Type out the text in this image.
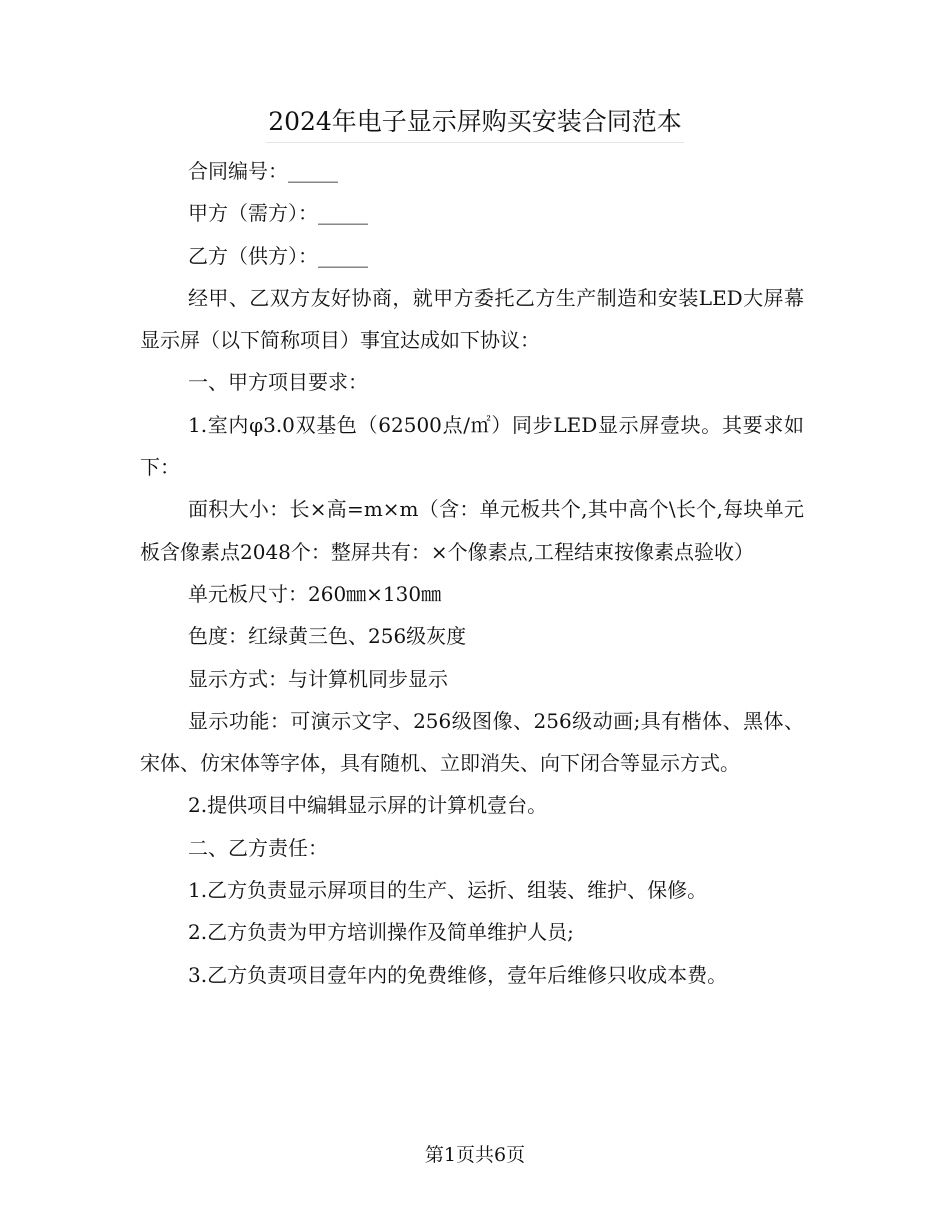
2024年电子显示屏购买安装合同范本

合同编号：_____

甲方（需方）：_____

乙方（供方）：_____

经甲、乙双方友好协商，就甲方委托乙方生产制造和安装LED大屏幕显示屏（以下简称项目）事宜达成如下协议：

一、甲方项目要求：

1.室内φ3.0双基色（62500点/㎡）同步LED显示屏壹块。其要求如下：

面积大小：长×高=m×m（含：单元板共个,其中高个\长个,每块单元板含像素点2048个：整屏共有：×个像素点,工程结束按像素点验收）

单元板尺寸：260㎜×130㎜

色度：红绿黄三色、256级灰度

显示方式：与计算机同步显示

显示功能：可演示文字、256级图像、256级动画;具有楷体、黑体、宋体、仿宋体等字体，具有随机、立即消失、向下闭合等显示方式。

2.提供项目中编辑显示屏的计算机壹台。

二、乙方责任：

1.乙方负责显示屏项目的生产、运折、组装、维护、保修。

2.乙方负责为甲方培训操作及简单维护人员;

3.乙方负责项目壹年内的免费维修，壹年后维修只收成本费。

第1页共6页
